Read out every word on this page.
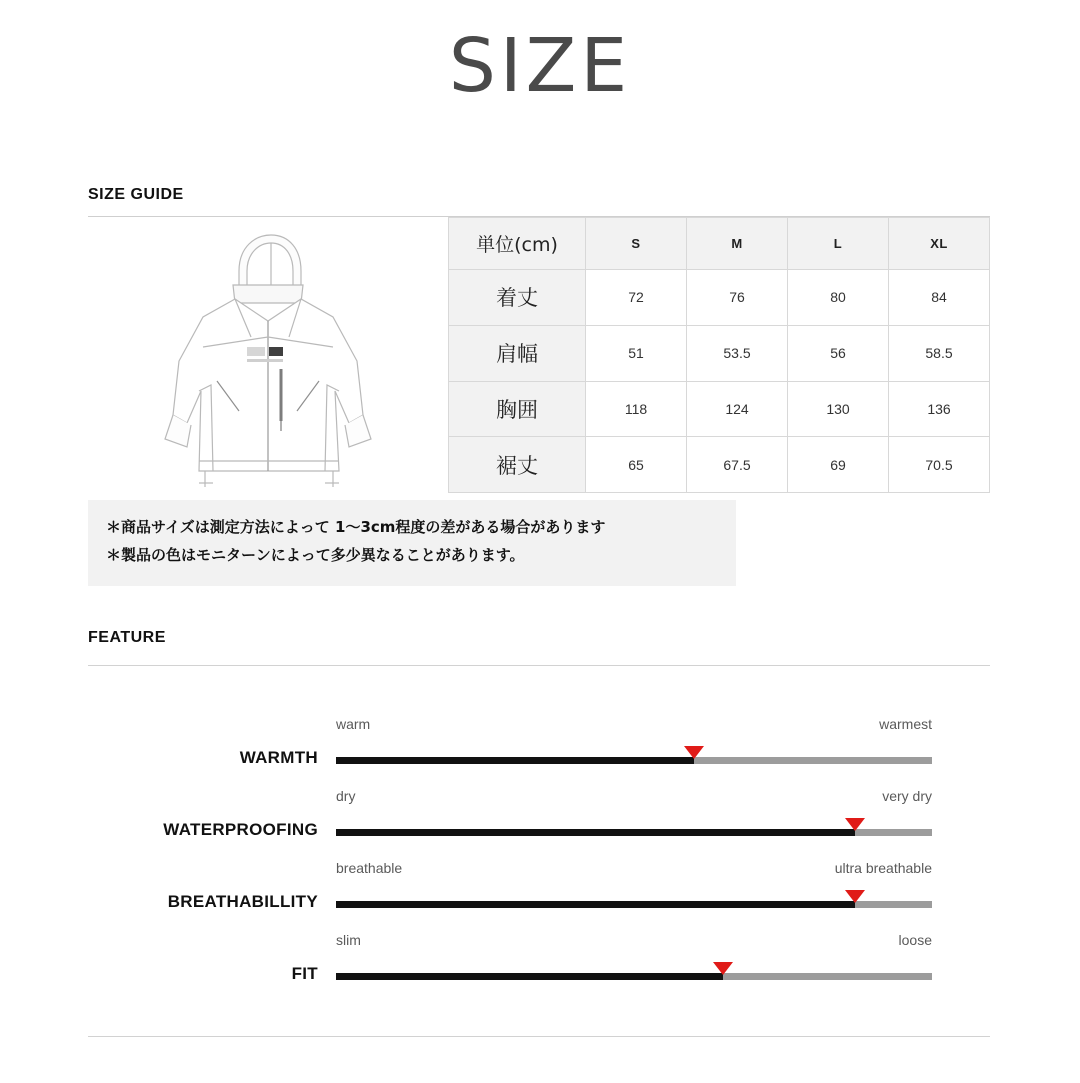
SIZE
SIZE GUIDE
単位(cm)	S	M	L	XL
着丈	72	76	80	84
肩幅	51	53.5	56	58.5
胸囲	118	124	130	136
裾丈	65	67.5	69	70.5

＊商品サイズは測定方法によって 1〜3cm程度の差がある場合があります

＊製品の色はモニターンによって多少異なることがあります。

FEATURE
WARMTH
warm	warmest
WATERPROOFING
dry	very dry
BREATHABILLITY
breathable	ultra breathable
FIT
slim	loose
